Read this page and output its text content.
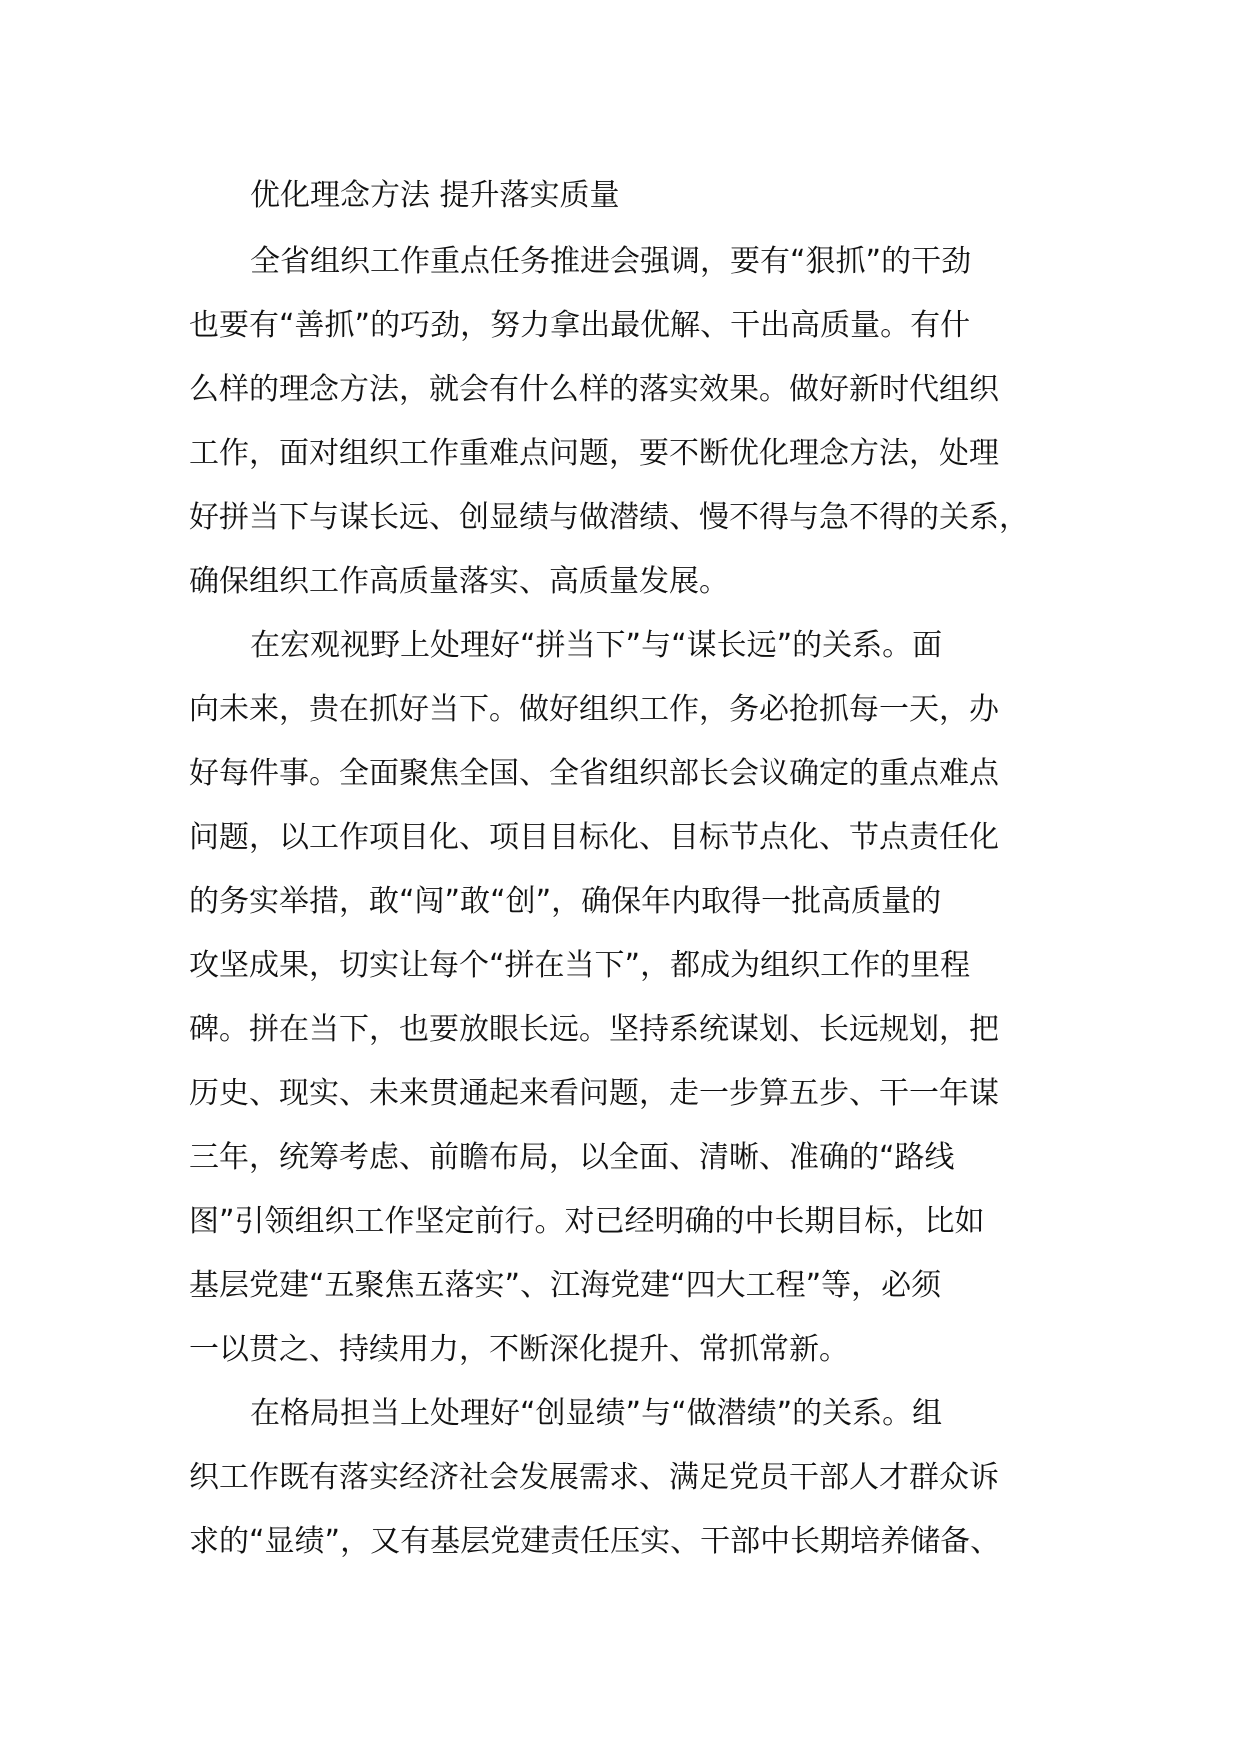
优化理念方法 提升落实质量

全省组织工作重点任务推进会强调，要有“狠抓”的干劲

也要有“善抓”的巧劲，努力拿出最优解、干出高质量。有什

么样的理念方法，就会有什么样的落实效果。做好新时代组织

工作，面对组织工作重难点问题，要不断优化理念方法，处理

好拼当下与谋长远、创显绩与做潜绩、慢不得与急不得的关系，

确保组织工作高质量落实、高质量发展。

在宏观视野上处理好“拼当下”与“谋长远”的关系。面

向未来，贵在抓好当下。做好组织工作，务必抢抓每一天，办

好每件事。全面聚焦全国、全省组织部长会议确定的重点难点

问题，以工作项目化、项目目标化、目标节点化、节点责任化

的务实举措，敢“闯”敢“创”，确保年内取得一批高质量的

攻坚成果，切实让每个“拼在当下”，都成为组织工作的里程

碑。拼在当下，也要放眼长远。坚持系统谋划、长远规划，把

历史、现实、未来贯通起来看问题，走一步算五步、干一年谋

三年，统筹考虑、前瞻布局，以全面、清晰、准确的“路线

图”引领组织工作坚定前行。对已经明确的中长期目标，比如

基层党建“五聚焦五落实”、江海党建“四大工程”等，必须

一以贯之、持续用力，不断深化提升、常抓常新。

在格局担当上处理好“创显绩”与“做潜绩”的关系。组

织工作既有落实经济社会发展需求、满足党员干部人才群众诉

求的“显绩”，又有基层党建责任压实、干部中长期培养储备、
